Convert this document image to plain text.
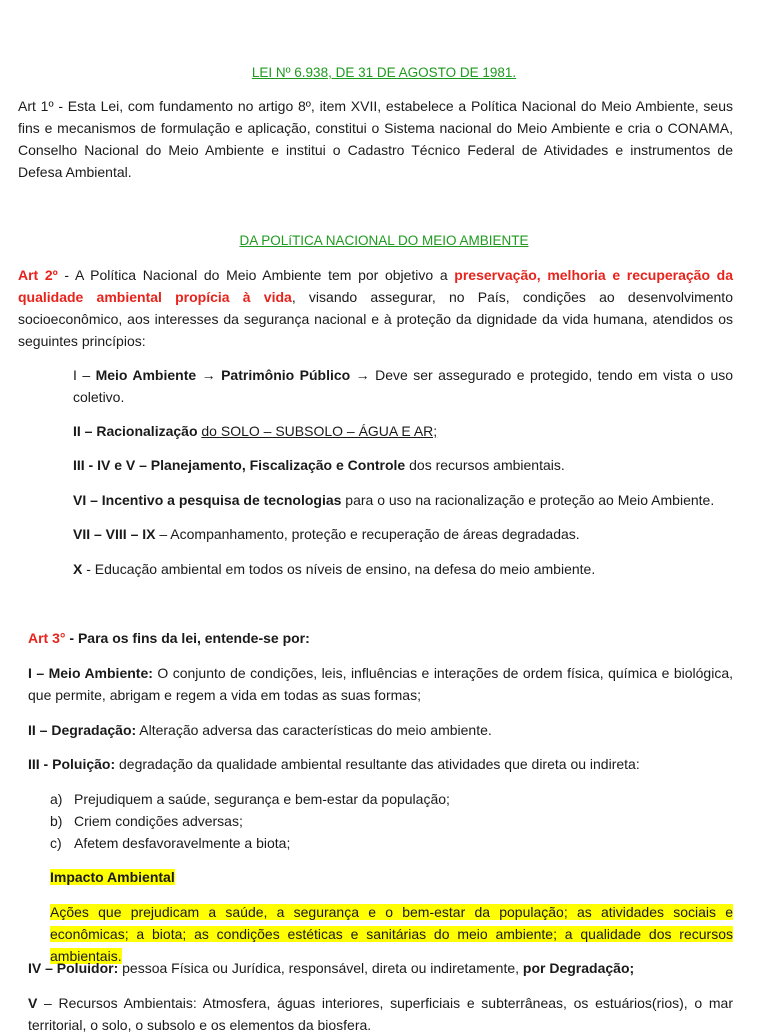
LEI Nº 6.938, DE 31 DE AGOSTO DE 1981.

Art 1º - Esta Lei, com fundamento no artigo 8º, item XVII, estabelece a Política Nacional do Meio Ambiente, seus fins e mecanismos de formulação e aplicação, constitui o Sistema nacional do Meio Ambiente e cria o CONAMA, Conselho Nacional do Meio Ambiente e institui o Cadastro Técnico Federal de Atividades e instrumentos de Defesa Ambiental.

DA POLíTICA NACIONAL DO MEIO AMBIENTE

Art 2º - A Política Nacional do Meio Ambiente tem por objetivo a preservação, melhoria e recuperação da qualidade ambiental propícia à vida, visando assegurar, no País, condições ao desenvolvimento socioeconômico, aos interesses da segurança nacional e à proteção da dignidade da vida humana, atendidos os seguintes princípios:

I – Meio Ambiente → Patrimônio Público → Deve ser assegurado e protegido, tendo em vista o uso coletivo.

II – Racionalização do SOLO – SUBSOLO – ÁGUA E AR;

III - IV e V – Planejamento, Fiscalização e Controle dos recursos ambientais.

VI – Incentivo a pesquisa de tecnologias para o uso na racionalização e proteção ao Meio Ambiente.

VII – VIII – IX – Acompanhamento, proteção e recuperação de áreas degradadas.

X - Educação ambiental em todos os níveis de ensino, na defesa do meio ambiente.

Art 3° - Para os fins da lei, entende-se por:

I – Meio Ambiente: O conjunto de condições, leis, influências e interações de ordem física, química e biológica, que permite, abrigam e regem a vida em todas as suas formas;

II – Degradação: Alteração adversa das características do meio ambiente.

III - Poluição: degradação da qualidade ambiental resultante das atividades que direta ou indireta:

a) Prejudiquem a saúde, segurança e bem-estar da população;
b) Criem condições adversas;
c) Afetem desfavoravelmente a biota;

Impacto Ambiental

Ações que prejudicam a saúde, a segurança e o bem-estar da população; as atividades sociais e econômicas; a biota; as condições estéticas e sanitárias do meio ambiente; a qualidade dos recursos ambientais.

IV – Poluidor: pessoa Física ou Jurídica, responsável, direta ou indiretamente, por Degradação;

V – Recursos Ambientais: Atmosfera, águas interiores, superficiais e subterrâneas, os estuários(rios), o mar territorial, o solo, o subsolo e os elementos da biosfera.
